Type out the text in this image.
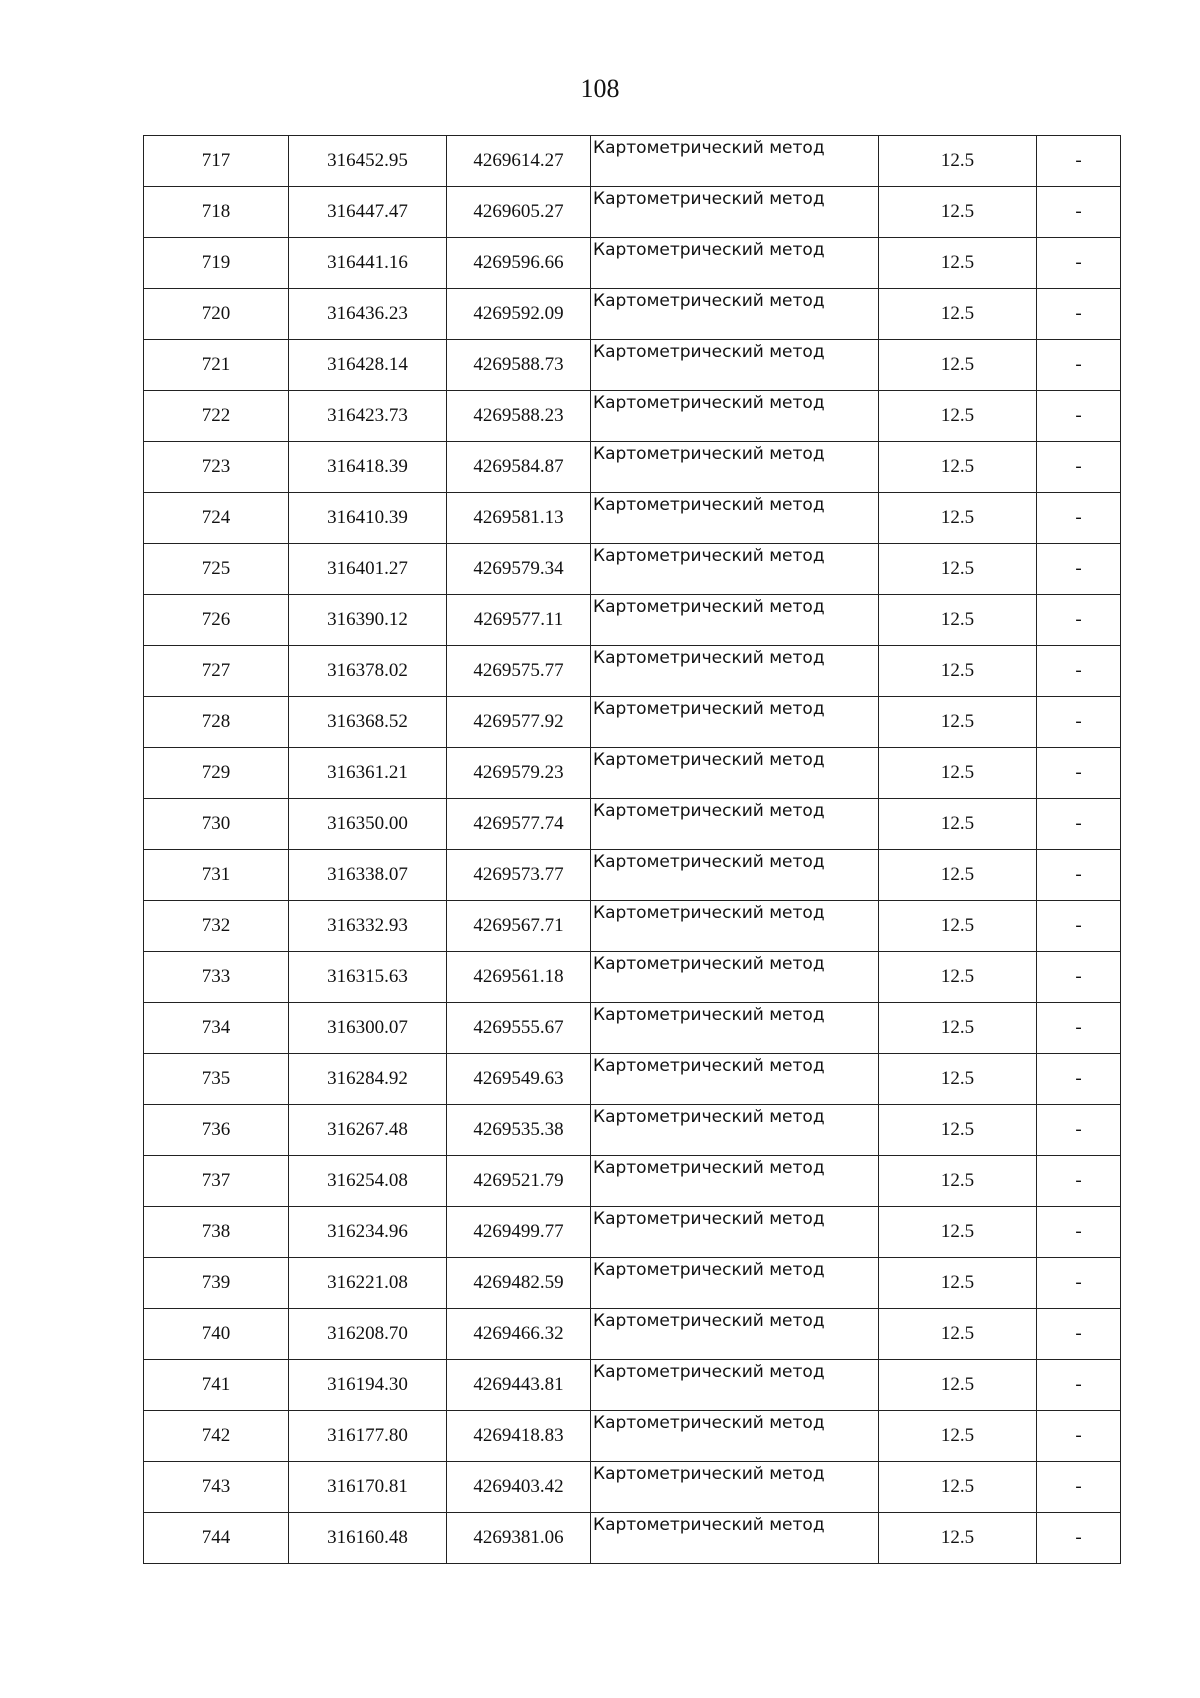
108
717	316452.95	4269614.27	Картометрический метод	12.5	-
718	316447.47	4269605.27	Картометрический метод	12.5	-
719	316441.16	4269596.66	Картометрический метод	12.5	-
720	316436.23	4269592.09	Картометрический метод	12.5	-
721	316428.14	4269588.73	Картометрический метод	12.5	-
722	316423.73	4269588.23	Картометрический метод	12.5	-
723	316418.39	4269584.87	Картометрический метод	12.5	-
724	316410.39	4269581.13	Картометрический метод	12.5	-
725	316401.27	4269579.34	Картометрический метод	12.5	-
726	316390.12	4269577.11	Картометрический метод	12.5	-
727	316378.02	4269575.77	Картометрический метод	12.5	-
728	316368.52	4269577.92	Картометрический метод	12.5	-
729	316361.21	4269579.23	Картометрический метод	12.5	-
730	316350.00	4269577.74	Картометрический метод	12.5	-
731	316338.07	4269573.77	Картометрический метод	12.5	-
732	316332.93	4269567.71	Картометрический метод	12.5	-
733	316315.63	4269561.18	Картометрический метод	12.5	-
734	316300.07	4269555.67	Картометрический метод	12.5	-
735	316284.92	4269549.63	Картометрический метод	12.5	-
736	316267.48	4269535.38	Картометрический метод	12.5	-
737	316254.08	4269521.79	Картометрический метод	12.5	-
738	316234.96	4269499.77	Картометрический метод	12.5	-
739	316221.08	4269482.59	Картометрический метод	12.5	-
740	316208.70	4269466.32	Картометрический метод	12.5	-
741	316194.30	4269443.81	Картометрический метод	12.5	-
742	316177.80	4269418.83	Картометрический метод	12.5	-
743	316170.81	4269403.42	Картометрический метод	12.5	-
744	316160.48	4269381.06	Картометрический метод	12.5	-
